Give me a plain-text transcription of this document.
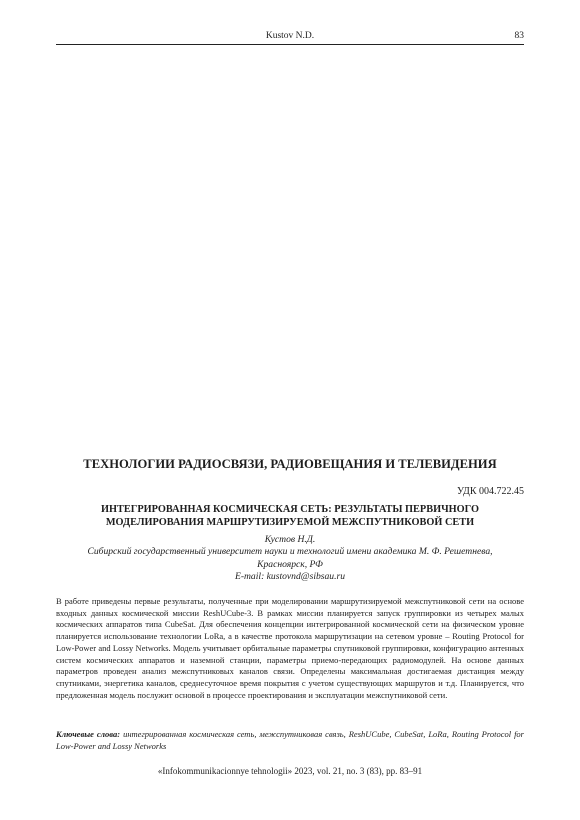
Kustov N.D.	83
ТЕХНОЛОГИИ РАДИОСВЯЗИ, РАДИОВЕЩАНИЯ И ТЕЛЕВИДЕНИЯ
УДК 004.722.45
ИНТЕГРИРОВАННАЯ КОСМИЧЕСКАЯ СЕТЬ: РЕЗУЛЬТАТЫ ПЕРВИЧНОГО
МОДЕЛИРОВАНИЯ МАРШРУТИЗИРУЕМОЙ МЕЖСПУТНИКОВОЙ СЕТИ
Кустов Н.Д.
Сибирский государственный университет науки и технологий имени академика М. Ф. Решетнева,
Красноярск, РФ
E-mail: kustovnd@sibsau.ru
В работе приведены первые результаты, полученные при моделировании маршрутизируемой межспутниковой сети на основе входных данных космической миссии ReshUCube-3. В рамках миссии планируется запуск группировки из четырех малых космических аппаратов типа CubeSat. Для обеспечения концепции интегрированной космической сети на физическом уровне планируется использование технологии LoRa, а в качестве протокола маршрутизации на сетевом уровне – Routing Protocol for Low-Power and Lossy Networks. Модель учитывает орбитальные параметры спутниковой группировки, конфигурацию антенных систем космических аппаратов и наземной станции, параметры приемо-передающих радиомодулей. На основе данных параметров проведен анализ межспутниковых каналов связи. Определены максимальная достигаемая дистанция между спутниками, энергетика каналов, среднесуточное время покрытия с учетом существующих маршрутов и т.д. Планируется, что предложенная модель послужит основой в процессе проектирования и эксплуатации межспутниковой сети.
Ключевые слова: интегрированная космическая сеть, межспутниковая связь, ReshUCube, CubeSat, LoRa, Routing Protocol for Low-Power and Lossy Networks
«Infokommunikacionnye tehnologii» 2023, vol. 21, no. 3 (83), pp. 83–91
